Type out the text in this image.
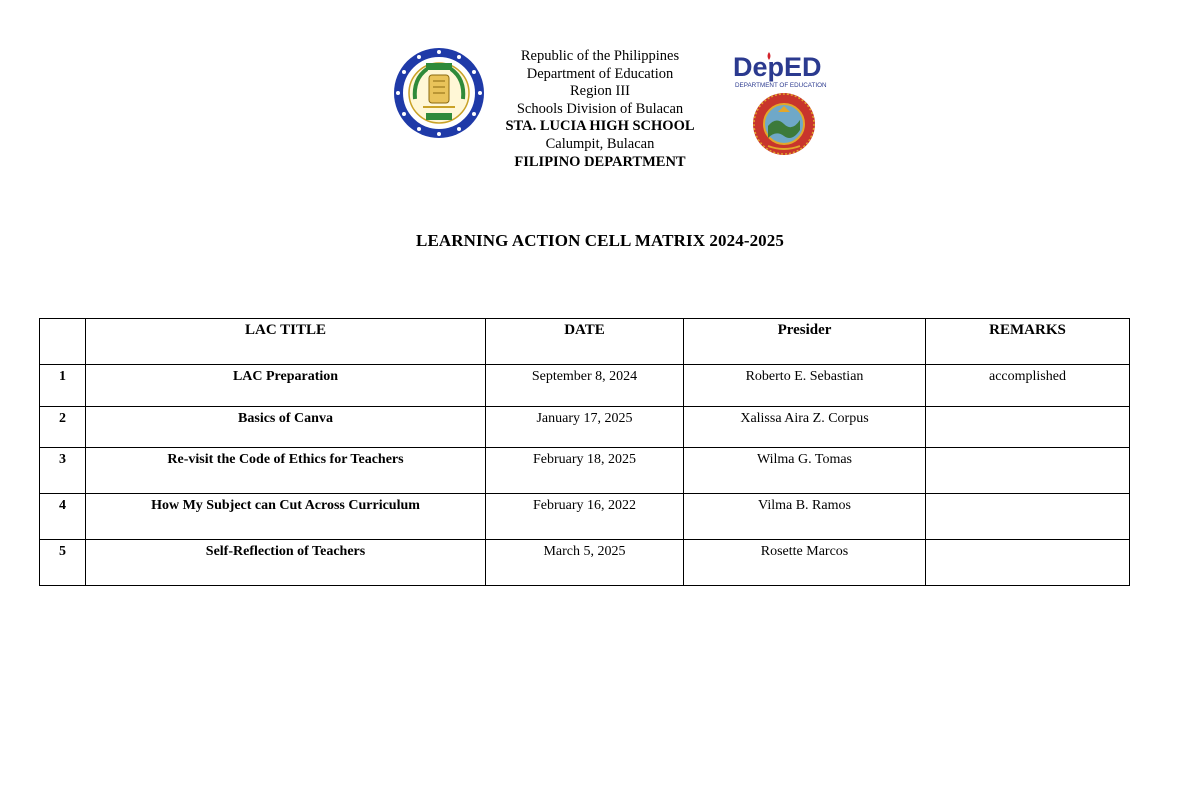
Republic of the Philippines
Department of Education
Region III
Schools Division of Bulacan
STA. LUCIA HIGH SCHOOL
Calumpit, Bulacan
FILIPINO DEPARTMENT
DepED
DEPARTMENT OF EDUCATION
LEARNING ACTION CELL MATRIX 2024-2025
	LAC TITLE	DATE	Presider	REMARKS
1	LAC Preparation	September 8, 2024	Roberto E. Sebastian	accomplished
2	Basics of Canva	January 17, 2025	Xalissa Aira Z. Corpus	
3	Re-visit the Code of Ethics for Teachers	February 18, 2025	Wilma G. Tomas	
4	How My Subject can Cut Across Curriculum	February 16, 2022	Vilma B. Ramos	
5	Self-Reflection of Teachers	March 5, 2025	Rosette Marcos	
